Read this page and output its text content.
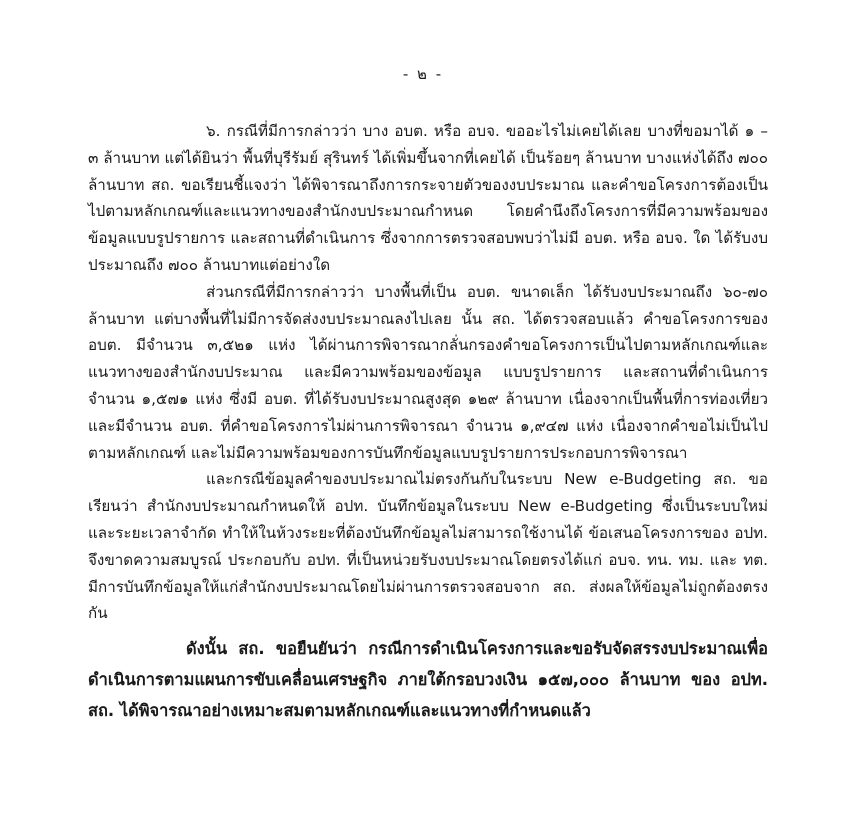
- ๒ -

๖. กรณีที่มีการกล่าวว่า บาง อบต. หรือ อบจ. ขออะไรไม่เคยได้เลย บางที่ขอมาได้ ๑ – ๓ ล้านบาท แต่ได้ยินว่า พื้นที่บุรีรัมย์ สุรินทร์ ได้เพิ่มขึ้นจากที่เคยได้ เป็นร้อยๆ ล้านบาท บางแห่งได้ถึง ๗๐๐ ล้านบาท สถ. ขอเรียนชี้แจงว่า ได้พิจารณาถึงการกระจายตัวของงบประมาณ และคำขอโครงการต้องเป็นไปตามหลักเกณฑ์และแนวทางของสำนักงบประมาณกำหนด โดยคำนึงถึงโครงการที่มีความพร้อมของข้อมูลแบบรูปรายการ และสถานที่ดำเนินการ ซึ่งจากการตรวจสอบพบว่าไม่มี อบต. หรือ อบจ. ใด ได้รับงบประมาณถึง ๗๐๐ ล้านบาทแต่อย่างใด

ส่วนกรณีที่มีการกล่าวว่า บางพื้นที่เป็น อบต. ขนาดเล็ก ได้รับงบประมาณถึง ๖๐-๗๐ ล้านบาท แต่บางพื้นที่ไม่มีการจัดส่งงบประมาณลงไปเลย นั้น สถ. ได้ตรวจสอบแล้ว คำขอโครงการของ อบต. มีจำนวน ๓,๕๒๑ แห่ง ได้ผ่านการพิจารณากลั่นกรองคำขอโครงการเป็นไปตามหลักเกณฑ์และแนวทางของสำนักงบประมาณ และมีความพร้อมของข้อมูล แบบรูปรายการ และสถานที่ดำเนินการ จำนวน ๑,๕๗๑ แห่ง ซึ่งมี อบต. ที่ได้รับงบประมาณสูงสุด ๑๒๙ ล้านบาท เนื่องจากเป็นพื้นที่การท่องเที่ยว และมีจำนวน อบต. ที่คำขอโครงการไม่ผ่านการพิจารณา จำนวน ๑,๙๔๗ แห่ง เนื่องจากคำขอไม่เป็นไปตามหลักเกณฑ์ และไม่มีความพร้อมของการบันทึกข้อมูลแบบรูปรายการประกอบการพิจารณา

และกรณีข้อมูลคำของบประมาณไม่ตรงกันกับในระบบ New e-Budgeting สถ. ขอเรียนว่า สำนักงบประมาณกำหนดให้ อปท. บันทึกข้อมูลในระบบ New e-Budgeting ซึ่งเป็นระบบใหม่และระยะเวลาจำกัด ทำให้ในห้วงระยะที่ต้องบันทึกข้อมูลไม่สามารถใช้งานได้ ข้อเสนอโครงการของ อปท. จึงขาดความสมบูรณ์ ประกอบกับ อปท. ที่เป็นหน่วยรับงบประมาณโดยตรงได้แก่ อบจ. ทน. ทม. และ ทต. มีการบันทึกข้อมูลให้แก่สำนักงบประมาณโดยไม่ผ่านการตรวจสอบจาก สถ. ส่งผลให้ข้อมูลไม่ถูกต้องตรงกัน

ดังนั้น สถ. ขอยืนยันว่า กรณีการดำเนินโครงการและขอรับจัดสรรงบประมาณเพื่อดำเนินการตามแผนการขับเคลื่อนเศรษฐกิจ ภายใต้กรอบวงเงิน ๑๕๗,๐๐๐ ล้านบาท ของ อปท. สถ. ได้พิจารณาอย่างเหมาะสมตามหลักเกณฑ์และแนวทางที่กำหนดแล้ว
